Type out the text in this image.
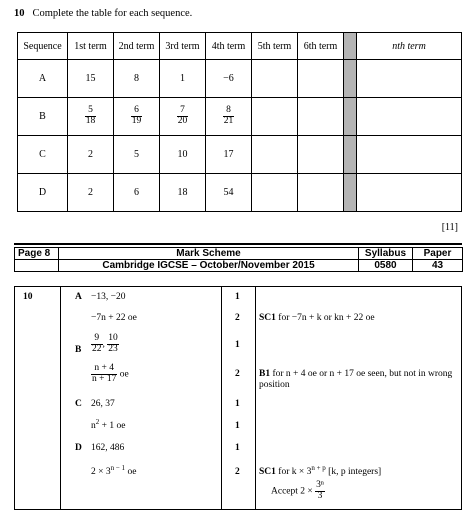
10 Complete the table for each sequence.
Sequence	1st term	2nd term	3rd term	4th term	5th term	6th term		nth term
A	15	8	1	−6				
B	$\frac{5}{18}$	$\frac{6}{19}$	$\frac{7}{20}$	$\frac{8}{21}$

C	2	5	10	17				
D	2	6	18	54				
[11]
Page 8	Mark Scheme	Syllabus	Paper
	Cambridge IGCSE – October/November 2015	0580	43
10	A −13, −20	1
−7n + 22 oe	2 SC1 for −7n + k or kn + 22 oe
B $\frac{9}{22}$ , $\frac{10}{23}$	1
$\frac{n + 4}{n + 17}$ oe	2 B1 for n + 4 oe or n + 17 oe seen, but not in wrong position
C 26, 37	1
$n^2 + 1$ oe	1
D 162, 486	1
$2 \times 3^{n - 1}$ oe	2 SC1 for $k \times 3^{n + p}$ [k, p integers]
Accept $2 \times \frac{\text{3ⁿ}}{3}$
